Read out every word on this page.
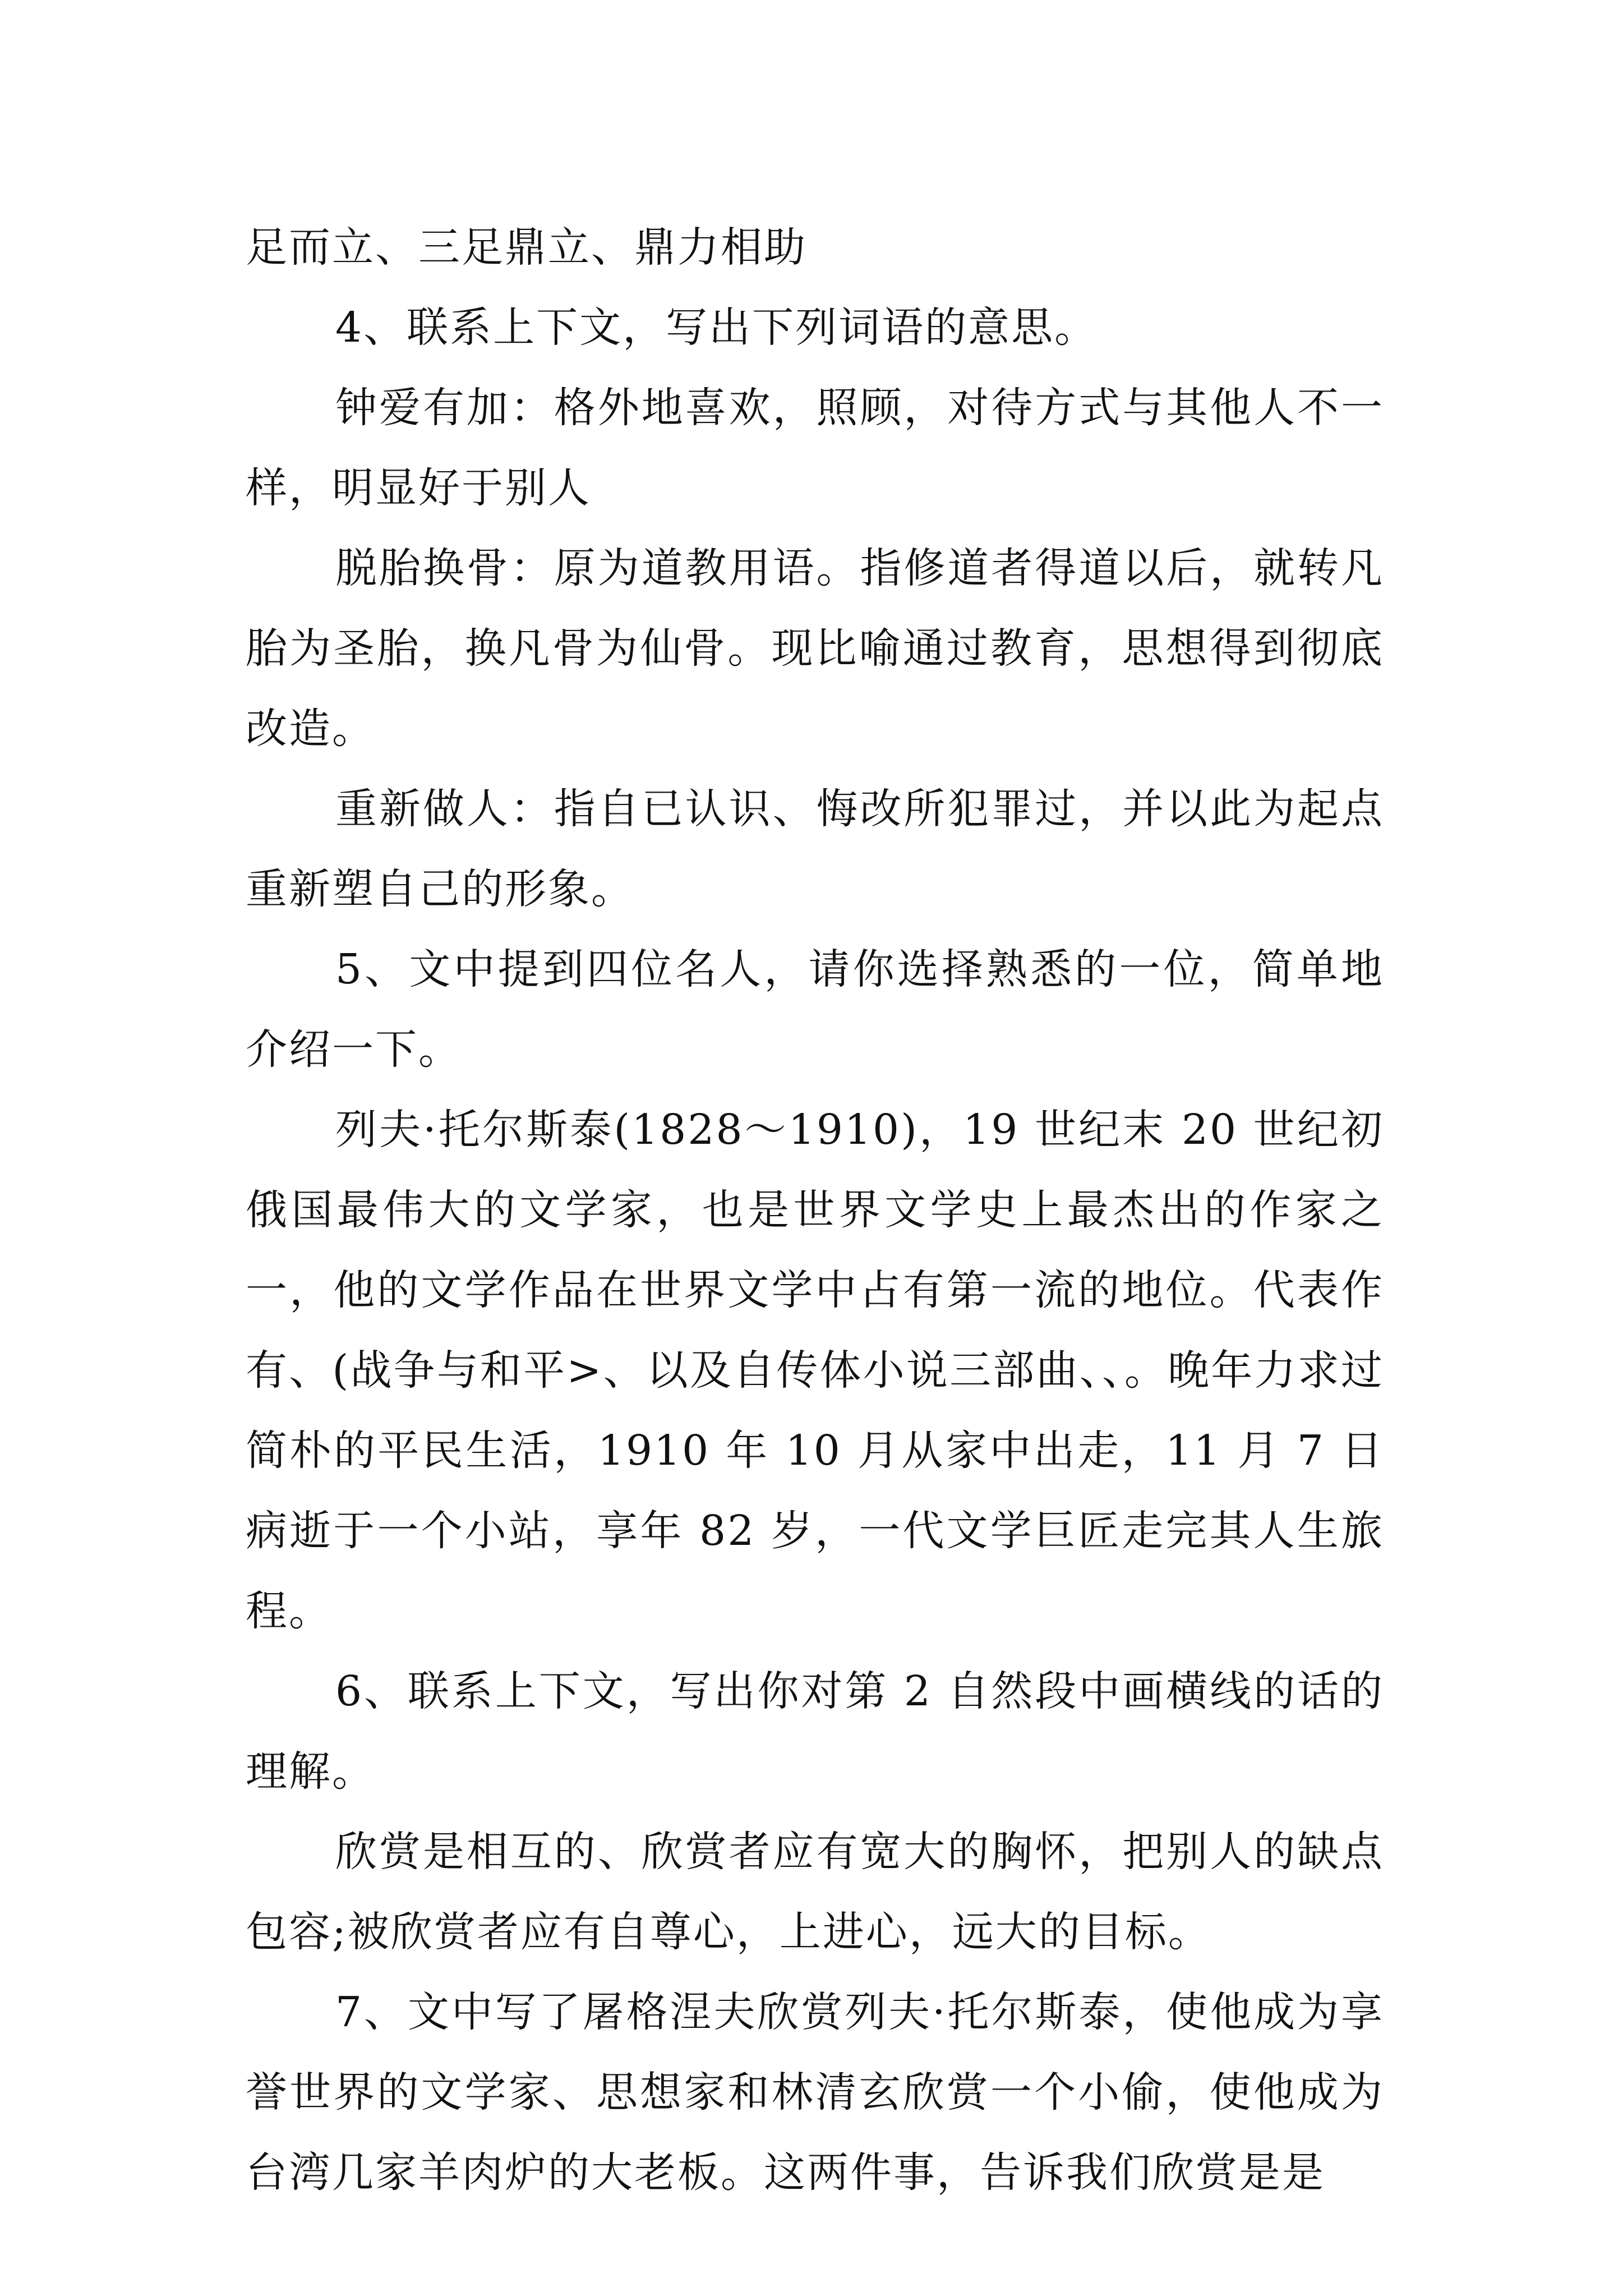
足而立、三足鼎立、鼎力相助

4、联系上下文，写出下列词语的意思。

钟爱有加：格外地喜欢，照顾，对待方式与其他人不一样，明显好于别人

脱胎换骨：原为道教用语。指修道者得道以后，就转凡胎为圣胎，换凡骨为仙骨。现比喻通过教育，思想得到彻底改造。

重新做人：指自已认识、悔改所犯罪过，并以此为起点重新塑自己的形象。

5、文中提到四位名人，请你选择熟悉的一位，简单地介绍一下。

列夫·托尔斯泰(1828～1910)，19 世纪末 20 世纪初俄国最伟大的文学家，也是世界文学史上最杰出的作家之一，他的文学作品在世界文学中占有第一流的地位。代表作有、(战争与和平>、以及自传体小说三部曲、、。晚年力求过简朴的平民生活，1910 年 10 月从家中出走，11 月 7 日病逝于一个小站，享年 82 岁，一代文学巨匠走完其人生旅程。

6、联系上下文，写出你对第 2 自然段中画横线的话的理解。

欣赏是相互的、欣赏者应有宽大的胸怀，把别人的缺点包容;被欣赏者应有自尊心，上进心，远大的目标。

7、文中写了屠格涅夫欣赏列夫·托尔斯泰，使他成为享誉世界的文学家、思想家和林清玄欣赏一个小偷，使他成为台湾几家羊肉炉的大老板。这两件事，告诉我们欣赏是是
